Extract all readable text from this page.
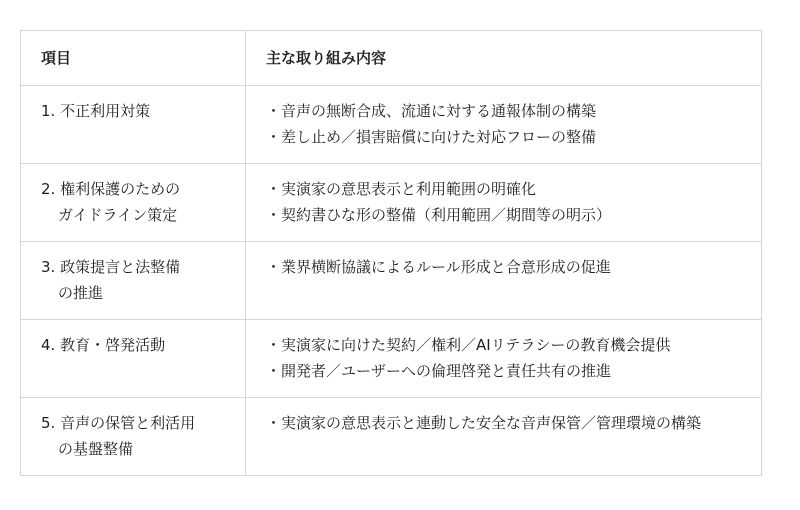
項目	主な取り組み内容

1. 不正利用対策	・音声の無断合成、流通に対する通報体制の構築
・差し止め／損害賠償に向けた対応フローの整備

2. 権利保護のための
ガイドライン策定	・実演家の意思表示と利用範囲の明確化
・契約書ひな形の整備（利用範囲／期間等の明示）

3. 政策提言と法整備
の推進	・業界横断協議によるルール形成と合意形成の促進

4. 教育・啓発活動	・実演家に向けた契約／権利／AIリテラシーの教育機会提供
・開発者／ユーザーへの倫理啓発と責任共有の推進

5. 音声の保管と利活用
の基盤整備	・実演家の意思表示と連動した安全な音声保管／管理環境の構築
